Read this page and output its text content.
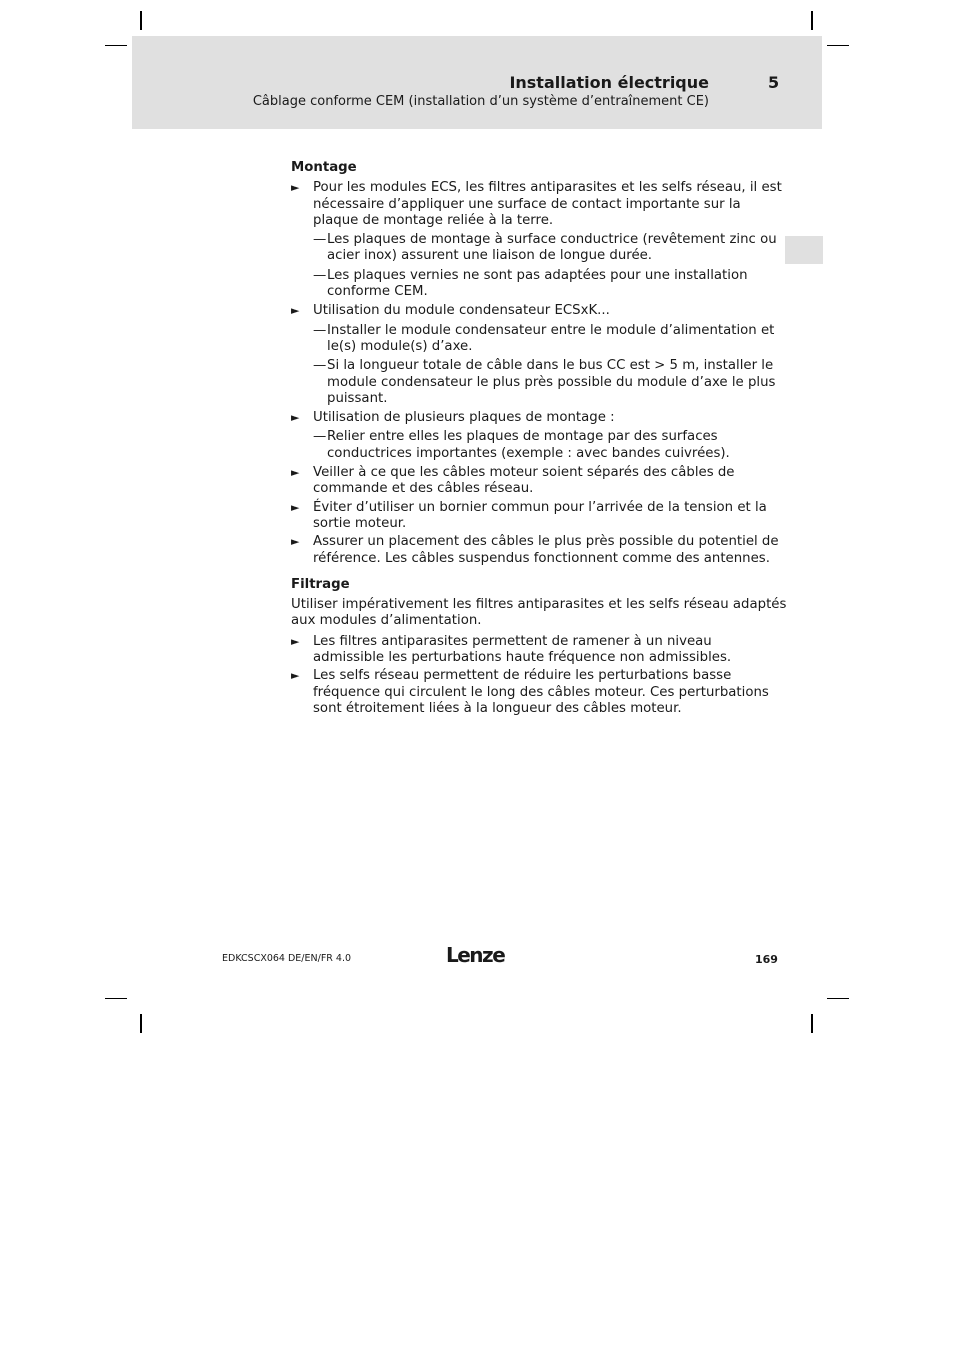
Installation électrique	5
Câblage conforme CEM (installation d’un système d’entraînement CE)
Montage
► Pour les modules ECS, les filtres antiparasites et les selfs réseau, il est nécessaire d’appliquer une surface de contact importante sur la plaque de montage reliée à la terre.
— Les plaques de montage à surface conductrice (revêtement zinc ou acier inox) assurent une liaison de longue durée.
— Les plaques vernies ne sont pas adaptées pour une installation conforme CEM.
► Utilisation du module condensateur ECSxK...
— Installer le module condensateur entre le module d’alimentation et le(s) module(s) d’axe.
— Si la longueur totale de câble dans le bus CC est > 5 m, installer le module condensateur le plus près possible du module d’axe le plus puissant.
► Utilisation de plusieurs plaques de montage :
— Relier entre elles les plaques de montage par des surfaces conductrices importantes (exemple : avec bandes cuivrées).
► Veiller à ce que les câbles moteur soient séparés des câbles de commande et des câbles réseau.
► Éviter d’utiliser un bornier commun pour l’arrivée de la tension et la sortie moteur.
► Assurer un placement des câbles le plus près possible du potentiel de référence. Les câbles suspendus fonctionnent comme des antennes.
Filtrage
Utiliser impérativement les filtres antiparasites et les selfs réseau adaptés aux modules d’alimentation.
► Les filtres antiparasites permettent de ramener à un niveau admissible les perturbations haute fréquence non admissibles.
► Les selfs réseau permettent de réduire les perturbations basse fréquence qui circulent le long des câbles moteur. Ces perturbations sont étroitement liées à la longueur des câbles moteur.
EDKCSCX064 DE/EN/FR 4.0	Lenze	169
